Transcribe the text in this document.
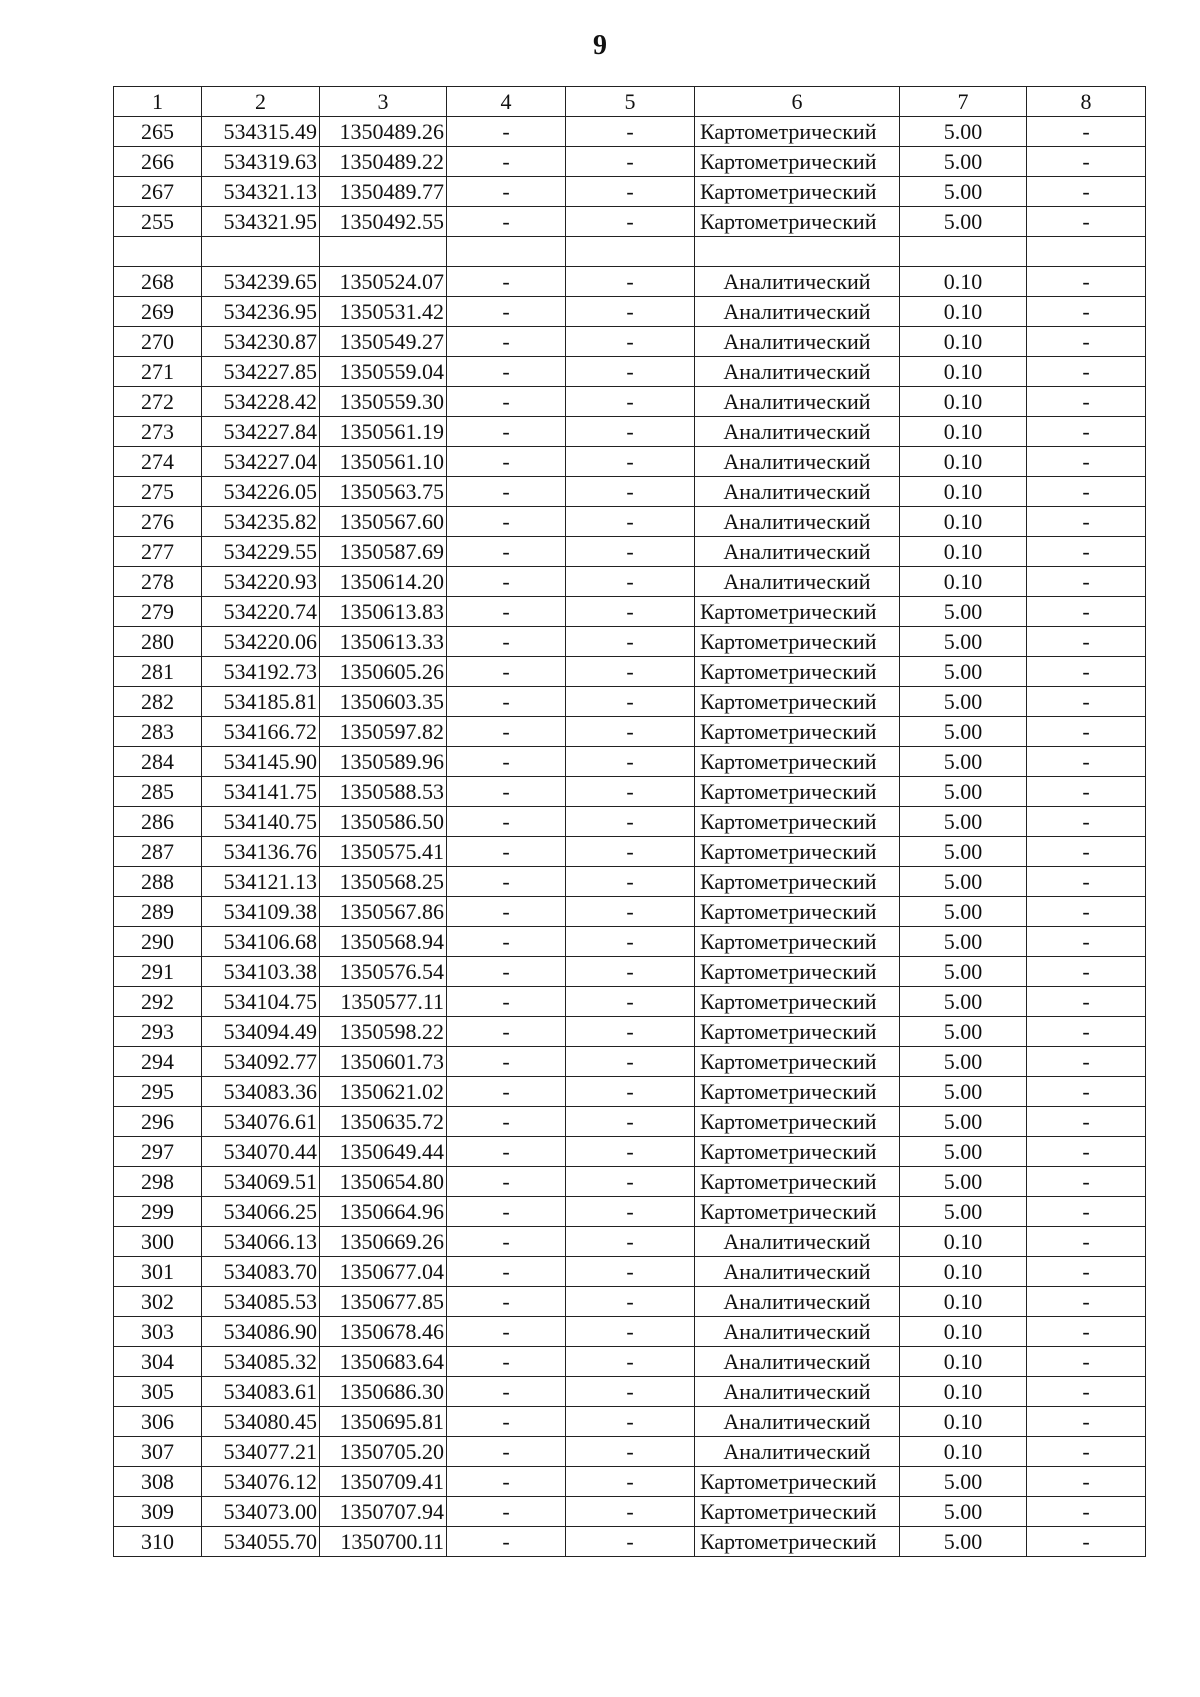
9
1	2	3	4	5	6	7	8
265	534315.49	1350489.26	-	-	Картометрический	5.00	-
266	534319.63	1350489.22	-	-	Картометрический	5.00	-
267	534321.13	1350489.77	-	-	Картометрический	5.00	-
255	534321.95	1350492.55	-	-	Картометрический	5.00	-

268	534239.65	1350524.07	-	-	Аналитический	0.10	-
269	534236.95	1350531.42	-	-	Аналитический	0.10	-
270	534230.87	1350549.27	-	-	Аналитический	0.10	-
271	534227.85	1350559.04	-	-	Аналитический	0.10	-
272	534228.42	1350559.30	-	-	Аналитический	0.10	-
273	534227.84	1350561.19	-	-	Аналитический	0.10	-
274	534227.04	1350561.10	-	-	Аналитический	0.10	-
275	534226.05	1350563.75	-	-	Аналитический	0.10	-
276	534235.82	1350567.60	-	-	Аналитический	0.10	-
277	534229.55	1350587.69	-	-	Аналитический	0.10	-
278	534220.93	1350614.20	-	-	Аналитический	0.10	-
279	534220.74	1350613.83	-	-	Картометрический	5.00	-
280	534220.06	1350613.33	-	-	Картометрический	5.00	-
281	534192.73	1350605.26	-	-	Картометрический	5.00	-
282	534185.81	1350603.35	-	-	Картометрический	5.00	-
283	534166.72	1350597.82	-	-	Картометрический	5.00	-
284	534145.90	1350589.96	-	-	Картометрический	5.00	-
285	534141.75	1350588.53	-	-	Картометрический	5.00	-
286	534140.75	1350586.50	-	-	Картометрический	5.00	-
287	534136.76	1350575.41	-	-	Картометрический	5.00	-
288	534121.13	1350568.25	-	-	Картометрический	5.00	-
289	534109.38	1350567.86	-	-	Картометрический	5.00	-
290	534106.68	1350568.94	-	-	Картометрический	5.00	-
291	534103.38	1350576.54	-	-	Картометрический	5.00	-
292	534104.75	1350577.11	-	-	Картометрический	5.00	-
293	534094.49	1350598.22	-	-	Картометрический	5.00	-
294	534092.77	1350601.73	-	-	Картометрический	5.00	-
295	534083.36	1350621.02	-	-	Картометрический	5.00	-
296	534076.61	1350635.72	-	-	Картометрический	5.00	-
297	534070.44	1350649.44	-	-	Картометрический	5.00	-
298	534069.51	1350654.80	-	-	Картометрический	5.00	-
299	534066.25	1350664.96	-	-	Картометрический	5.00	-
300	534066.13	1350669.26	-	-	Аналитический	0.10	-
301	534083.70	1350677.04	-	-	Аналитический	0.10	-
302	534085.53	1350677.85	-	-	Аналитический	0.10	-
303	534086.90	1350678.46	-	-	Аналитический	0.10	-
304	534085.32	1350683.64	-	-	Аналитический	0.10	-
305	534083.61	1350686.30	-	-	Аналитический	0.10	-
306	534080.45	1350695.81	-	-	Аналитический	0.10	-
307	534077.21	1350705.20	-	-	Аналитический	0.10	-
308	534076.12	1350709.41	-	-	Картометрический	5.00	-
309	534073.00	1350707.94	-	-	Картометрический	5.00	-
310	534055.70	1350700.11	-	-	Картометрический	5.00	-
